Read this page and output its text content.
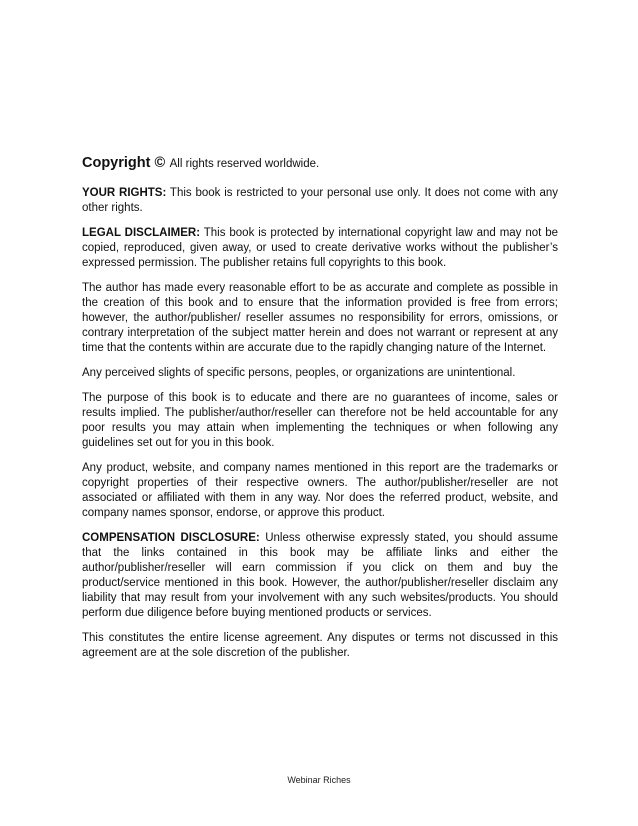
Copyright © All rights reserved worldwide.

YOUR RIGHTS: This book is restricted to your personal use only. It does not come with any other rights.

LEGAL DISCLAIMER: This book is protected by international copyright law and may not be copied, reproduced, given away, or used to create derivative works without the publisher’s expressed permission. The publisher retains full copyrights to this book.

The author has made every reasonable effort to be as accurate and complete as possible in the creation of this book and to ensure that the information provided is free from errors; however, the author/publisher/ reseller assumes no responsibility for errors, omissions, or contrary interpretation of the subject matter herein and does not warrant or represent at any time that the contents within are accurate due to the rapidly changing nature of the Internet.

Any perceived slights of specific persons, peoples, or organizations are unintentional.

The purpose of this book is to educate and there are no guarantees of income, sales or results implied. The publisher/author/reseller can therefore not be held accountable for any poor results you may attain when implementing the techniques or when following any guidelines set out for you in this book.

Any product, website, and company names mentioned in this report are the trademarks or copyright properties of their respective owners. The author/publisher/reseller are not associated or affiliated with them in any way. Nor does the referred product, website, and company names sponsor, endorse, or approve this product.

COMPENSATION DISCLOSURE: Unless otherwise expressly stated, you should assume that the links contained in this book may be affiliate links and either the author/publisher/reseller will earn commission if you click on them and buy the product/service mentioned in this book. However, the author/publisher/reseller disclaim any liability that may result from your involvement with any such websites/products. You should perform due diligence before buying mentioned products or services.

This constitutes the entire license agreement. Any disputes or terms not discussed in this agreement are at the sole discretion of the publisher.

Webinar Riches
